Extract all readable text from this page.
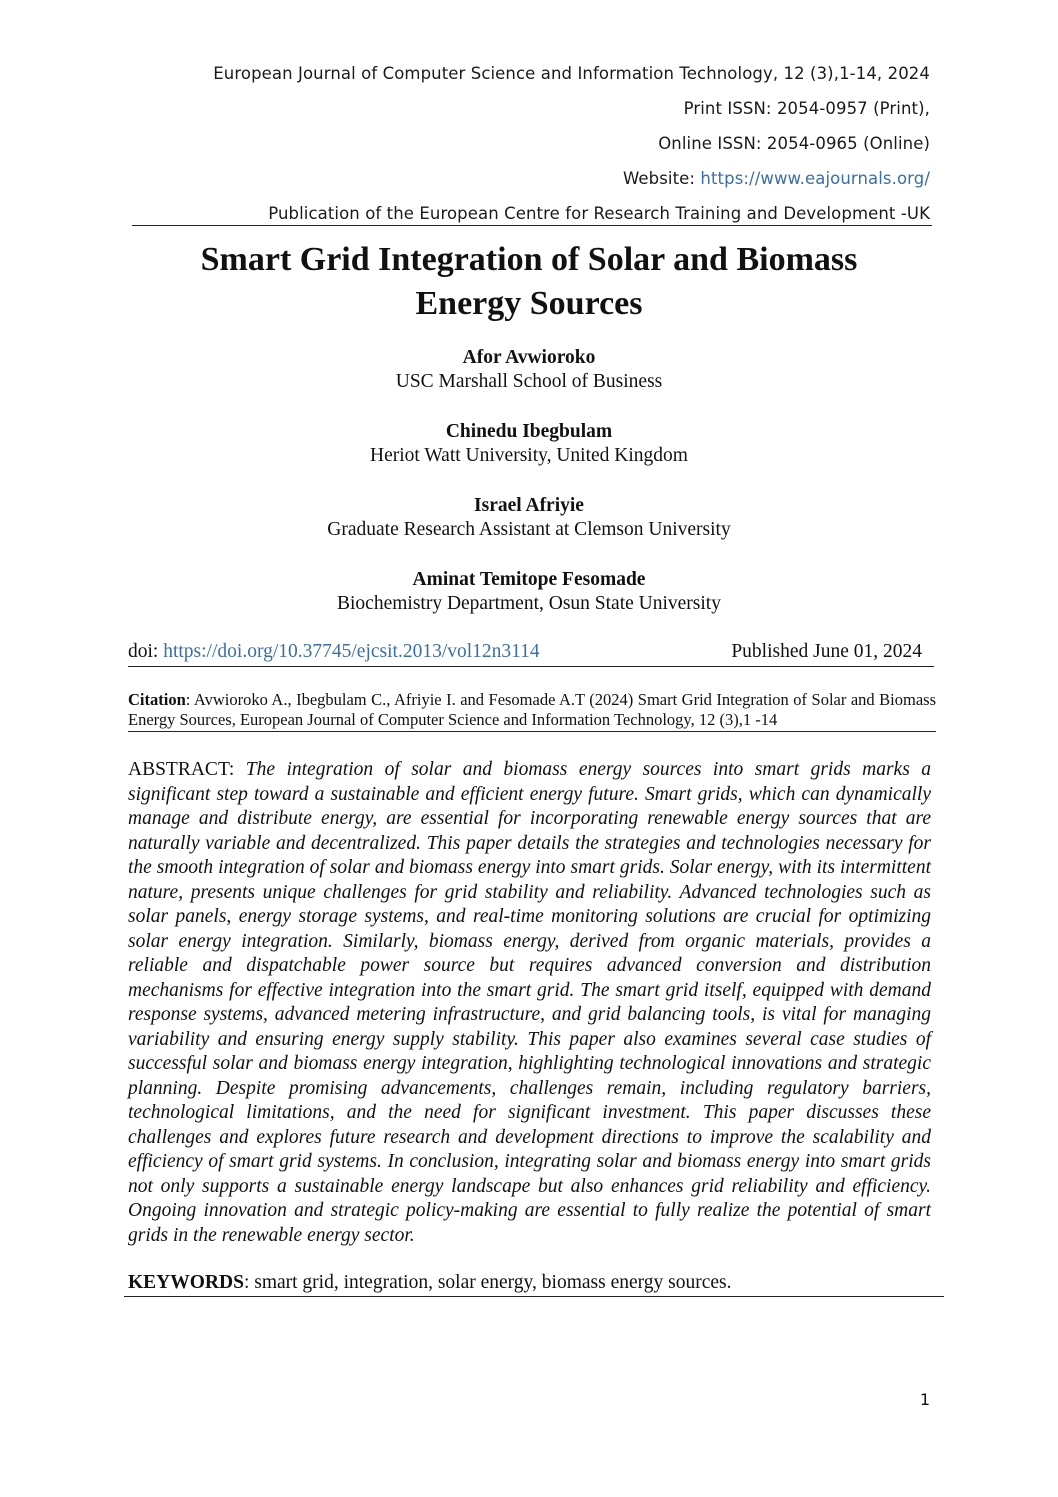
European Journal of Computer Science and Information Technology, 12 (3),1-14, 2024
Print ISSN: 2054-0957 (Print),
Online ISSN: 2054-0965 (Online)
Website: https://www.eajournals.org/
Publication of the European Centre for Research Training and Development -UK
Smart Grid Integration of Solar and Biomass
Energy Sources
Afor Avwioroko
USC Marshall School of Business
Chinedu Ibegbulam
Heriot Watt University, United Kingdom
Israel Afriyie
Graduate Research Assistant at Clemson University
Aminat Temitope Fesomade
Biochemistry Department, Osun State University
doi: https://doi.org/10.37745/ejcsit.2013/vol12n3114	Published June 01, 2024
Citation: Avwioroko A., Ibegbulam C., Afriyie I. and Fesomade A.T (2024) Smart Grid Integration of Solar and Biomass Energy Sources, European Journal of Computer Science and Information Technology, 12 (3),1 -14
ABSTRACT: The integration of solar and biomass energy sources into smart grids marks a significant step toward a sustainable and efficient energy future. Smart grids, which can dynamically manage and distribute energy, are essential for incorporating renewable energy sources that are naturally variable and decentralized. This paper details the strategies and technologies necessary for the smooth integration of solar and biomass energy into smart grids. Solar energy, with its intermittent nature, presents unique challenges for grid stability and reliability. Advanced technologies such as solar panels, energy storage systems, and real-time monitoring solutions are crucial for optimizing solar energy integration. Similarly, biomass energy, derived from organic materials, provides a reliable and dispatchable power source but requires advanced conversion and distribution mechanisms for effective integration into the smart grid. The smart grid itself, equipped with demand response systems, advanced metering infrastructure, and grid balancing tools, is vital for managing variability and ensuring energy supply stability. This paper also examines several case studies of successful solar and biomass energy integration, highlighting technological innovations and strategic planning. Despite promising advancements, challenges remain, including regulatory barriers, technological limitations, and the need for significant investment. This paper discusses these challenges and explores future research and development directions to improve the scalability and efficiency of smart grid systems. In conclusion, integrating solar and biomass energy into smart grids not only supports a sustainable energy landscape but also enhances grid reliability and efficiency. Ongoing innovation and strategic policy-making are essential to fully realize the potential of smart grids in the renewable energy sector.
KEYWORDS: smart grid, integration, solar energy, biomass energy sources.
1
